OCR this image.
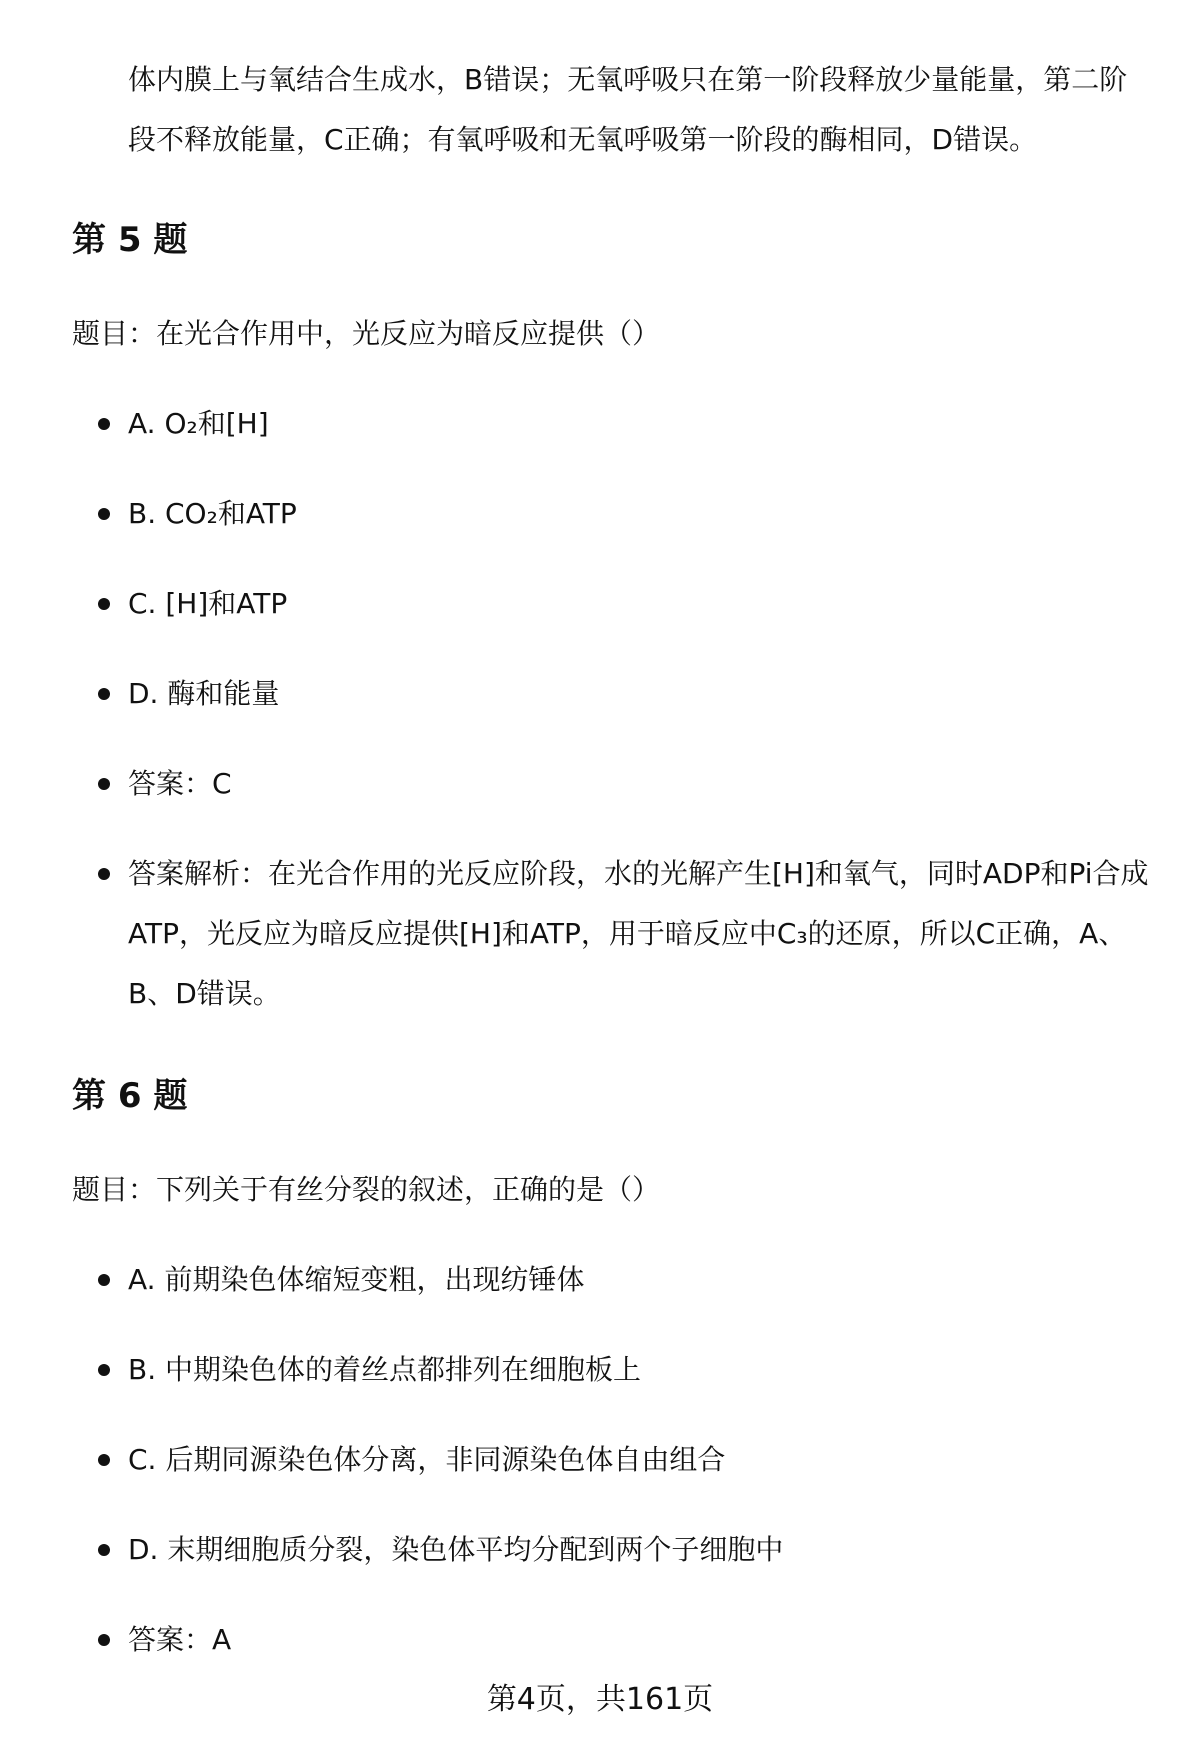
体内膜上与氧结合生成水，B错误；无氧呼吸只在第一阶段释放少量能量，第二阶段不释放能量，C正确；有氧呼吸和无氧呼吸第一阶段的酶相同，D错误。
第 5 题
题目：在光合作用中，光反应为暗反应提供（）
A. O₂和[H]
B. CO₂和ATP
C. [H]和ATP
D. 酶和能量
答案：C
答案解析：在光合作用的光反应阶段，水的光解产生[H]和氧气，同时ADP和Pi合成ATP，光反应为暗反应提供[H]和ATP，用于暗反应中C₃的还原，所以C正确，A、B、D错误。
第 6 题
题目：下列关于有丝分裂的叙述，正确的是（）
A. 前期染色体缩短变粗，出现纺锤体
B. 中期染色体的着丝点都排列在细胞板上
C. 后期同源染色体分离，非同源染色体自由组合
D. 末期细胞质分裂，染色体平均分配到两个子细胞中
答案：A
第4页，共161页
